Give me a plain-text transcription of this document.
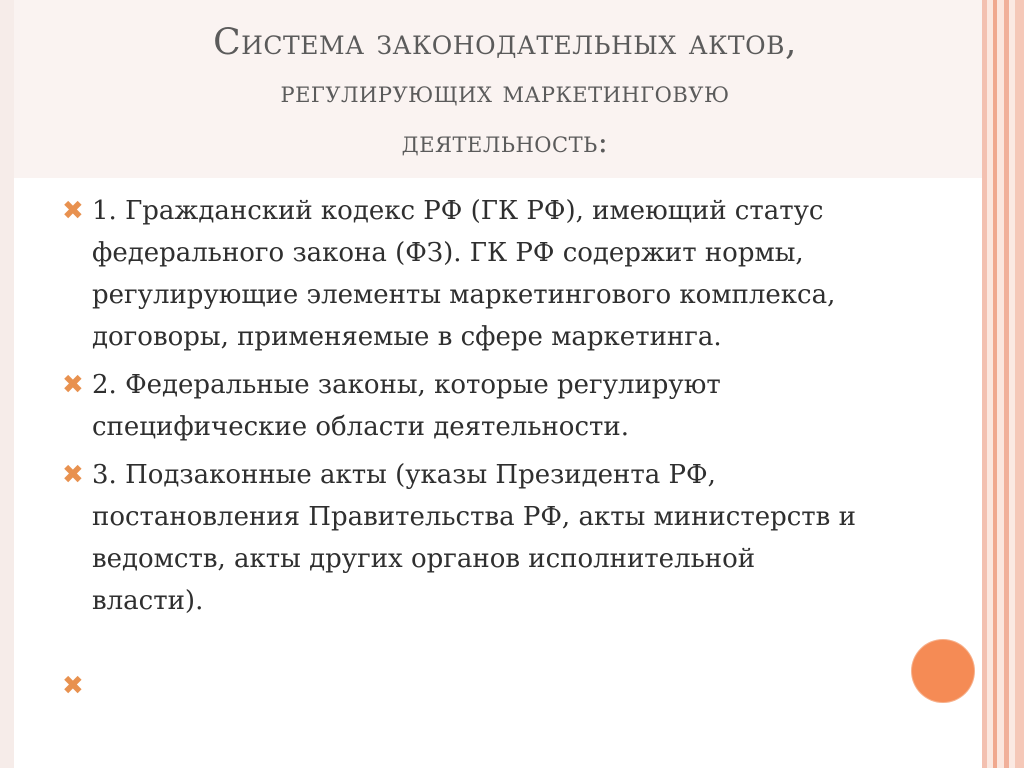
Система законодательных актов,
регулирующих маркетинговую
деятельность:
✖ 1. Гражданский кодекс РФ (ГК РФ), имеющий статус федерального закона (ФЗ). ГК РФ содержит нормы, регулирующие элементы маркетингового комплекса, договоры, применяемые в сфере маркетинга.
✖ 2. Федеральные законы, которые регулируют специфические области деятельности.
✖ 3. Подзаконные акты (указы Президента РФ, постановления Правительства РФ, акты министерств и ведомств, акты других органов исполнительной власти).
✖
